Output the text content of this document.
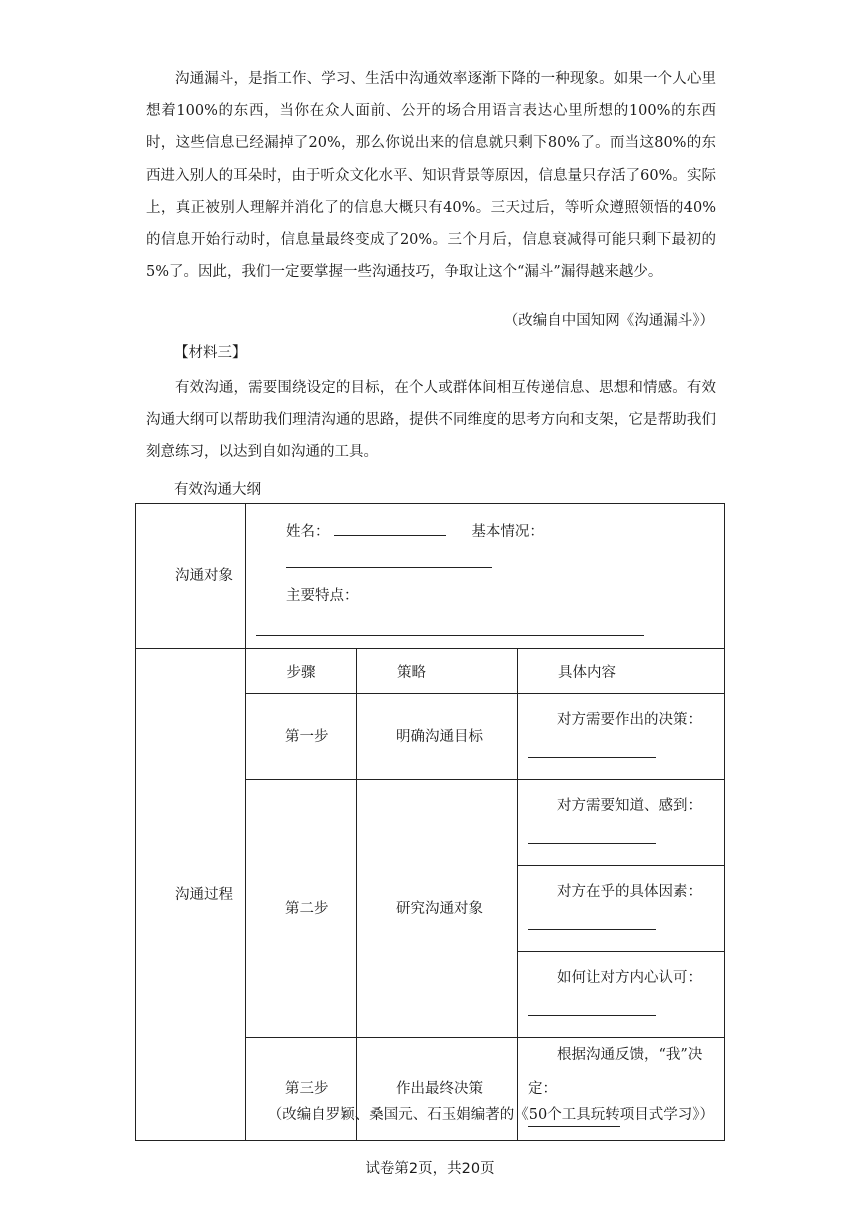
沟通漏斗，是指工作、学习、生活中沟通效率逐渐下降的一种现象。如果一个人心里想着100%的东西，当你在众人面前、公开的场合用语言表达心里所想的100%的东西时，这些信息已经漏掉了20%，那么你说出来的信息就只剩下80%了。而当这80%的东西进入别人的耳朵时，由于听众文化水平、知识背景等原因，信息量只存活了60%。实际上，真正被别人理解并消化了的信息大概只有40%。三天过后，等听众遵照领悟的40%的信息开始行动时，信息量最终变成了20%。三个月后，信息衰减得可能只剩下最初的5%了。因此，我们一定要掌握一些沟通技巧，争取让这个“漏斗”漏得越来越少。

（改编自中国知网《沟通漏斗》）

【材料三】

有效沟通，需要围绕设定的目标，在个人或群体间相互传递信息、思想和情感。有效沟通大纲可以帮助我们理清沟通的思路，提供不同维度的思考方向和支架，它是帮助我们刻意练习，以达到自如沟通的工具。

有效沟通大纲

沟通对象	姓名： 基本情况：
主要特点：		

沟通过程	步骤	策略	具体内容
	第一步	明确沟通目标	对方需要作出的决策：

	第二步	研究沟通对象	对方需要知道、感到：

			对方在乎的具体因素：

			如何让对方内心认可：

	第三步	作出最终决策	根据沟通反馈，“我”决定：

（改编自罗颖、桑国元、石玉娟编著的《50个工具玩转项目式学习》）

试卷第2页，共20页
